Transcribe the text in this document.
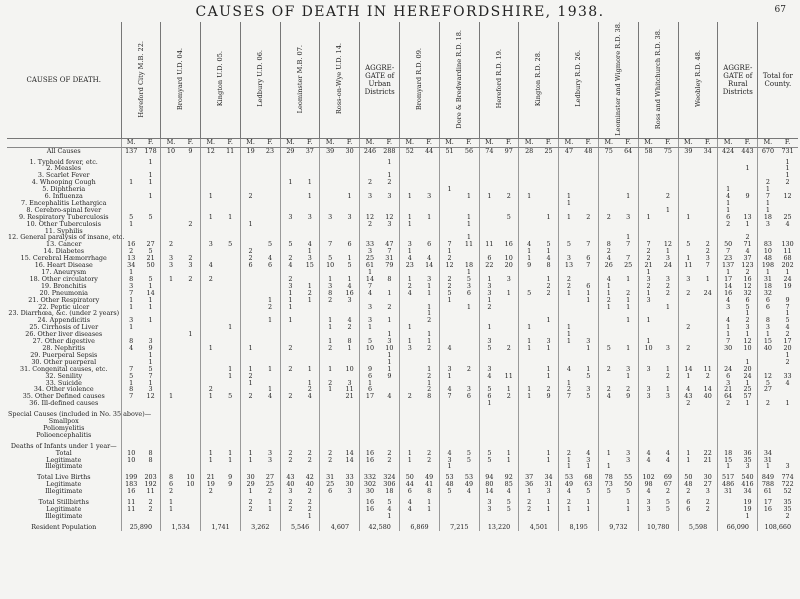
CAUSES OF DEATH IN HEREFORDSHIRE, 1938.	67
CAUSES OF DEATH.	Hereford City M.B. 22.		Bromyard U.D. 04.		Kington U.D. 05.		Ledbury U.D. 06.		Leominster M.B. 07.		Ross-on-Wye U.D. 14.		AGGRE-GATE of Urban Districts		Bromyard R.D. 09.		Dore & Bredwardine R.D. 18.		Hereford R.D. 19.		Kington R.D. 28.		Ledbury R.D. 26.		Leominster and Wigmore R.D. 38.		Ross and Whitchurch R.D. 38.		Weobley R.D. 48.		AGGRE-GATE of Rural Districts		Total for County.	

	M.	F.	M.	F.	M.	F.	M.	F.	M.	F.	M.	F.	M.	F.	M.	F.	M.	F.	M.	F.	M.	F.	M.	F.	M.	F.	M.	F.	M.	F.	M.	F.	M.	F.
All Causes	137	178	10	9	12	11	19	23	29	37	39	30	246	288	52	44	51	56	74	97	28	25	47	48	75	64	58	75	39	34	424	443	670	731

1. Typhoid fever, etc.		1												1																				1
2. Measles																																1		1
3. Scarlet Fever		1												1																				1
4. Whooping Cough	1	1							1	1			2	2																			2	2
5. Diphtheria																	1														1		1	
6. Influenza		1			1		2			1		1	3	3	1	3		1	1	2	1		1			1		2			4	9	7	12
7. Encephalitis Lethargica																							1								1		1	
8. Cerebro-spinal fever																												1			1		1	
9. Respiratory Tuberculosis	5	5			1	1			3	3	3	3	12	12	1	1		1		5		1	1	2	2	3	1		1		6	13	18	25
10. Other Tuberculosis	1			2			1						2	3	1			1													2	1	3	4
11. Syphilis																																		
12. General paralysis of insane, etc.																		1								1						2		
13. Cancer	16	27	2		3	5		5	5	4	7	6	33	47	3	6	7	11	11	16	4	5	5	7	8	7	7	12	5	2	50	71	83	130
14. Diabetes	2	5					2			1			3	7	1		1				1	1			2		2	1		2	7	4	10	11
15. Cerebral Hæmorrhage	13	21	3	2			2	4	2	3	5	1	25	31	4	4	2		6	10	1	4	3	6	4	7	2	3	1	3	23	37	48	68
16. Heart Disease	34	50	3	3	4		6	6	4	15	10	5	61	79	23	14	12	18	22	20	9	8	13	7	26	25	21	24	11	7	137	123	198	202
17. Aneurysm	1												1					1									1				1	2	1	1
18. Other circulatory	8	5	1	2	2				2		1	1	14	8	1	3	2	5	1	3		1	2		4	1	3	3	3	1	17	16	31	24
19. Bronchitis	3	1							3	1	3	4	7		2	1	2	3	3			2	2	6	1		2	2			14	12	18	19
20. Pneumonia	7	14							1	2	8	16	4	1	4	1	5	6	3	1	5	2	1	1	1	2	1	2	2	24	16	32	32	
21. Other Respiratory	1	1						1	1	1	2	3					1		1					1	2	1	3				4	6	6	9
22. Peptic ulcer	1	1						2	1				3	2		1		1	2						1	1		1			3	5	6	7
23. Diarrhœa, &c. (under 2 years)																1																1		1
24. Appendicitis	3	1						1	1		1	4	3	1		2						1				1	1				4	2	8	5
25. Cirrhosis of Liver	1					1					1	2	1		1				1		1		1						2		1	3	3	4
26. Other liver diseases				1										1		1							1								1	1	1	2
27. Other digestive	8	3									1	8	5	3	1	1			3		1	3	1	3			1				7	12	15	17
28. Nephritis	4	9			1		1		2		2	1	10	10	3	2	4		5	2	1	1		1	5	1	10	3	2		30	10	40	20
29. Puerperal Sepsis		1												1																				1
30. Other puerperal		1												1																		1		2
31. Congenital causes, etc.	7	5				1	1	1	2	1	1	10	9	1		1	3	2	3			1	4	1	2	3	3	1	14	11	24	20		
32. Senility	5	7				1	2						6	9		2	1		4	11		1		5		1		2	1	2	6	24	12	33
33. Suicide	1	1					1			1	2	3	1			1							1								3	1	5	4
34. Other violence	8	3			2			1		2	1	11	6			2	4	3	5	1	1	2	2	3	2	2	3	1	4	14	21	25	27	
35. Other Defined causes	7	12	1		1	5	2	4	2	4		21	17	4	2	8	7	6	6	2	1	9	7	5	4	9	3	3	43	40	64	57		
36. Ill-defined causes																			1										2		2	1	2	1

Special Causes (included in No. 35 above)—																																		
Smallpox																																		
Poliomyelitis																																		
Polioencephalitis																																		

Deaths of Infants under 1 year—																																		
Total	10	8			1	1	1	3	2	2	2	14	16	2	1	2	4	5	5	1		1	2	4	1	3	4	4	1	22	18	36	34	
Legitimate	10	8			1	1	1	3	2	2	2	14	16	2	1	2	3	5	5	1		1	1	3		3	4	4	1	21	15	35	31	
Illegitimate																	1						1	1	1						1	3	1	3

Total Live Births	199	203	8	10	21	9	30	27	43	42	31	33	332	324	50	49	53	53	94	92	37	34	53	68	78	55	102	69	50	30	517	540	849	774
Legitimate	183	192	6	10	19	9	29	25	40	40	25	30	302	306	44	41	48	49	80	85	36	31	49	63	73	50	98	67	48	27	486	416	788	722
Illegitimate	16	11	2		2		1	2	3	2	6	3	30	18	6	8	5	4	14	4	1	3	4	5	5	5	4	2	2	3	31	34	61	52

Total Stillbirths	11	2	1				2	1	2	2			16	5	4	1			3	5	2	1	2	1		1	3	5	6	2		19	17	35
Legitimate	11	2	1				2	1	2	2			16	4	4	1			3	5	2	1	1	1		1	3	5	6	2		19	16	35
Illegitimate										1				1																		1		2

Resident Population	25,890		1,534		1,741		3,262		5,546		4,607		42,580		6,869		7,215		13,220		4,501		8,195		9,732		10,780		5,598		66,090		108,660	
